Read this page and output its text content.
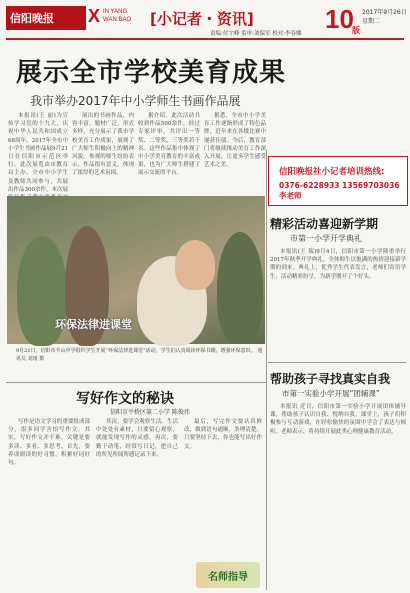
信阳晚报	X IN YANG
WAN BAO [小记者・资讯]	10
版
2017年9月26日
星期二
责编:付宇峰 监审:刘保军 校对:李春娜
展示全市学校美育成果
我市举办2017年中小学师生书画作品展

本报讯(王 丽)为宣传学习党的十九大，庆祝中华人民共和国成立68周年，2017年全市中小学生书画作品展9月21日在信阳市示范区举行。此次展览由市教育局主办，全市中小学生及教师共同参与，共展出作品300余件。本次展

展出的书画作品，内容丰富，题材广泛，形式多样，充分展示了我市学校美育工作成果，展现了广大师生积极向上的精神风貌。参观的师生纷纷表示，作品很有意义，体现了浓厚的艺术氛围。

据介绍，此次活动共收到作品500余件，经过专家评审，共评出一等奖、二等奖、三等奖若干名。这些作品集中体现了中小学美育教育的丰富成果，也为广大师生搭建了展示交流的平台。

据悉，全市中小学美育工作逐渐形成了特色品牌，近年来在各级比赛中屡获佳绩。今后，教育部门将继续推动美育工作深入开展，让更多学生感受艺术之美。

环保法律进课堂
9月21日，信阳市羊山中学组织学生开展“环保法律进课堂”活动，学生们认真阅读环保书籍，增强环保意识。 通讯员 刘雨 摄
信阳晚报社小记者培训热线:
0376-6228933 13569703036 李老师
精彩活动喜迎新学期
市第一小学开学典礼

本报讯(王 瑞)9月4日，信阳市第一小学隆重举行2017年秋季开学典礼。全体师生以饱满的热情迎接新学期的到来。典礼上，优秀学生代表发言，老师们寄语学生，活动精彩纷呈，为新学期开了个好头。

帮助孩子寻找真实自我
市第一实验小学开展“团辅课”

本报讯 近日，信阳市第一实验小学开展团体辅导课，帮助孩子认识自我、悦纳自我。课堂上，孩子们积极参与互动游戏，在轻松愉快的氛围中学会了表达与倾听。老师表示，将持续开展此类心理健康教育活动。

写好作文的秘诀
信阳市平桥区第二小学 陈俊玮

写作是语文学习的重要组成部分，很多同学害怕写作文。其实，写好作文并不难，关键是要多读、多看、多思考。首先，要养成阅读的好习惯，积累好词好句。

其次，要学会观察生活。生活中处处有素材，只要留心观察，就能发现写作的灵感。再次，要勤于动笔，经常写日记，把自己的所见所闻所感记录下来。

最后，写完作文要认真修改，做到语句通顺、条理清楚。只要坚持下去，你也能写出好作文。

名师指导
